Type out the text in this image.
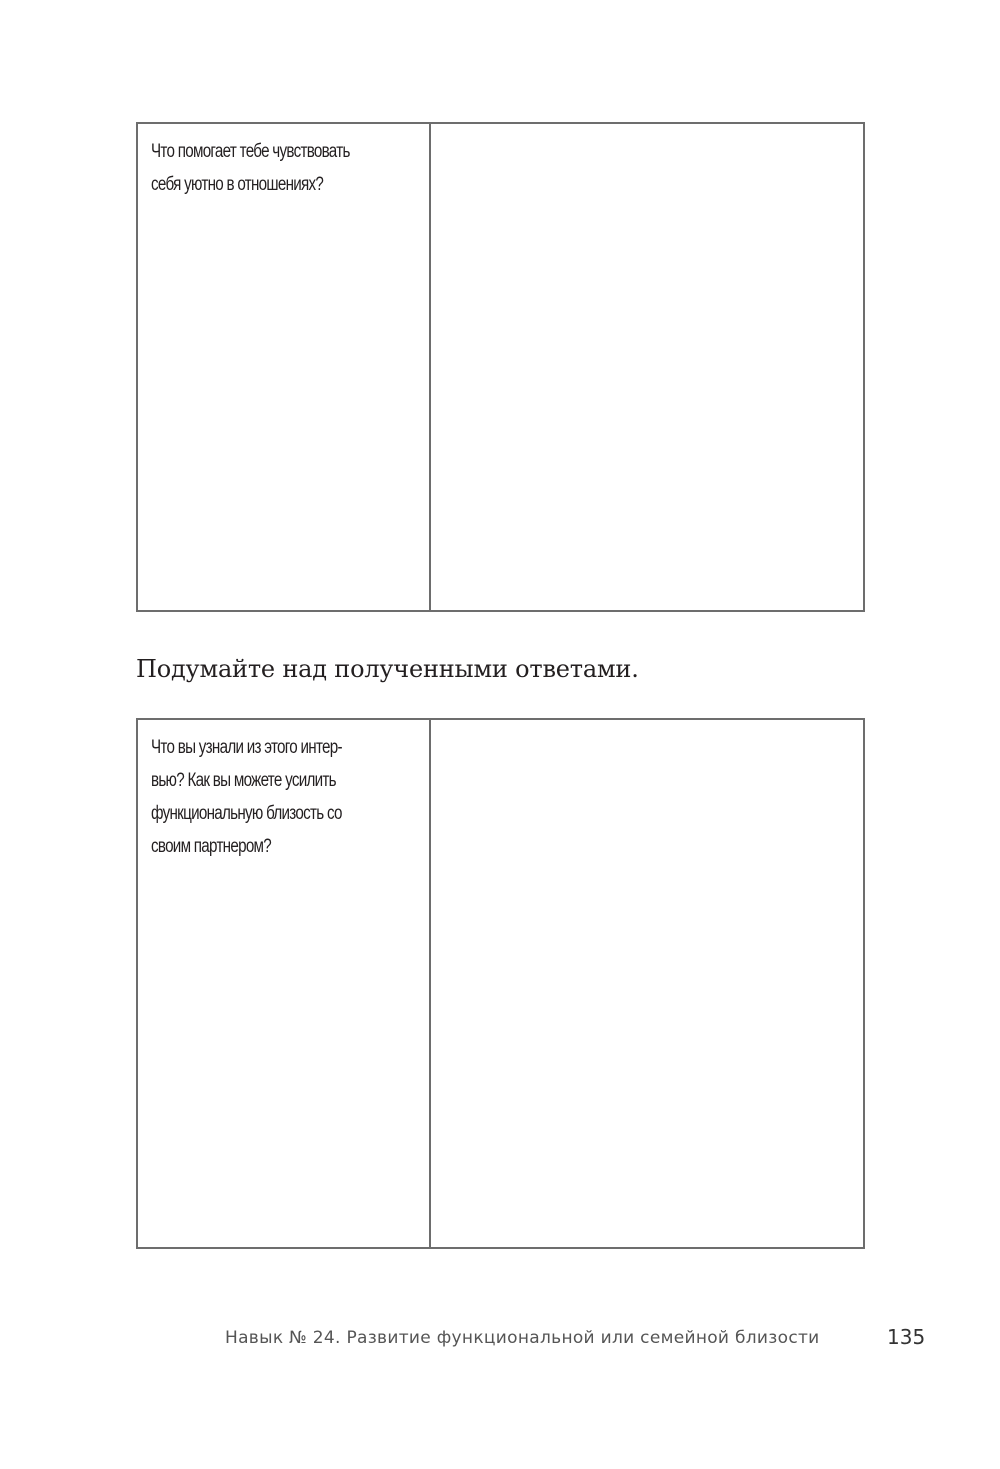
Что помогает тебе чувствовать
себя уютно в отношениях?
Подумайте над полученными ответами.
Что вы узнали из этого интер-
вью? Как вы можете усилить
функциональную близость со
своим партнером?
Навык № 24. Развитие функциональной или семейной близости	135
